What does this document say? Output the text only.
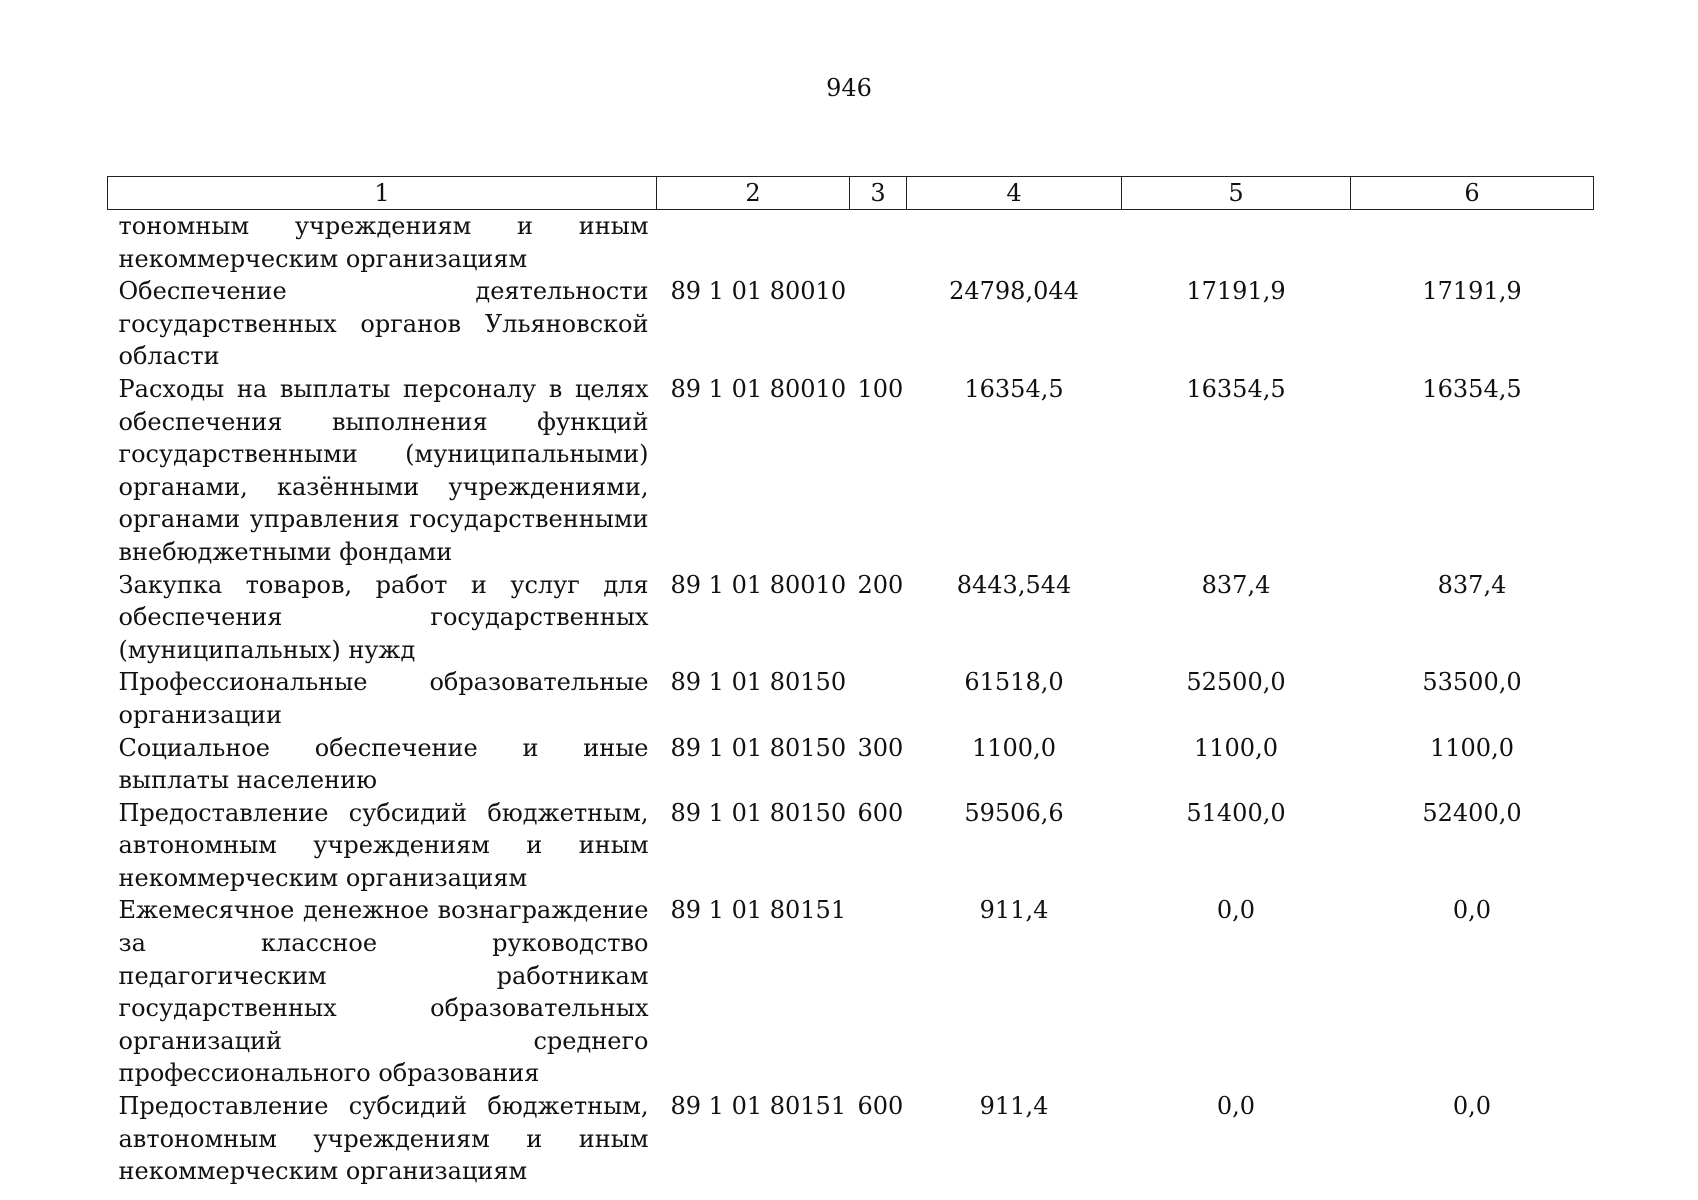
946
1	2	3	4	5	6
тономным учреждениям и иным некоммерческим организациям					
Обеспечение деятельности государственных органов Ульяновской области	89 1 01 80010		24798,044	17191,9	17191,9
Расходы на выплаты персоналу в целях обеспечения выполнения функций государственными (муниципальными) органами, казёнными учреждениями, органами управления государственными внебюджетными фондами	89 1 01 80010	100	16354,5	16354,5	16354,5
Закупка товаров, работ и услуг для обеспечения государственных (муниципальных) нужд	89 1 01 80010	200	8443,544	837,4	837,4
Профессиональные образовательные организации	89 1 01 80150		61518,0	52500,0	53500,0
Социальное обеспечение и иные выплаты населению	89 1 01 80150	300	1100,0	1100,0	1100,0
Предоставление субсидий бюджетным, автономным учреждениям и иным некоммерческим организациям	89 1 01 80150	600	59506,6	51400,0	52400,0
Ежемесячное денежное вознаграждение за классное руководство педагогическим работникам государственных образовательных организаций среднего профессионального образования	89 1 01 80151		911,4	0,0	0,0
Предоставление субсидий бюджетным, автономным учреждениям и иным некоммерческим организациям	89 1 01 80151	600	911,4	0,0	0,0
